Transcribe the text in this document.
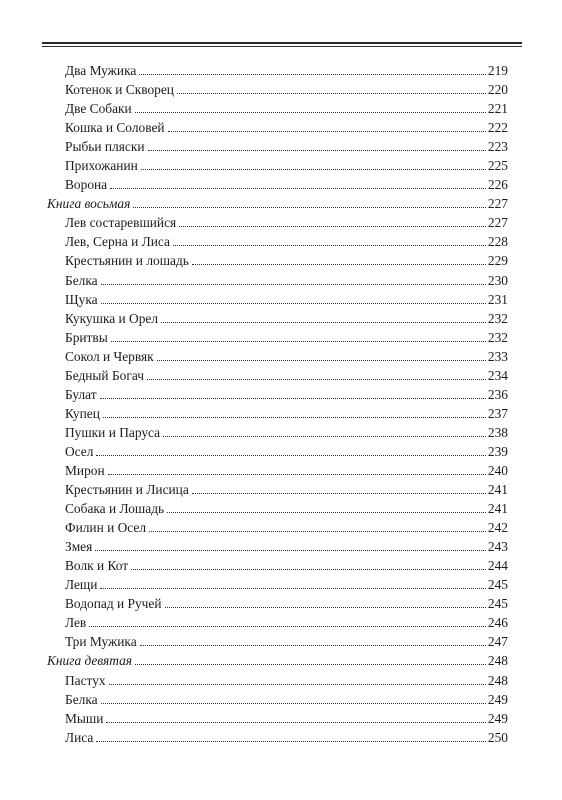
Два Мужика	219
Котенок и Скворец	220
Две Собаки	221
Кошка и Соловей	222
Рыбьи пляски	223
Прихожанин	225
Ворона	226
Книга восьмая	227
Лев состаревшийся	227
Лев, Серна и Лиса	228
Крестьянин и лошадь	229
Белка	230
Щука	231
Кукушка и Орел	232
Бритвы	232
Сокол и Червяк	233
Бедный Богач	234
Булат	236
Купец	237
Пушки и Паруса	238
Осел	239
Мирон	240
Крестьянин и Лисица	241
Собака и Лошадь	241
Филин и Осел	242
Змея	243
Волк и Кот	244
Лещи	245
Водопад и Ручей	245
Лев	246
Три Мужика	247
Книга девятая	248
Пастух	248
Белка	249
Мыши	249
Лиса	250
